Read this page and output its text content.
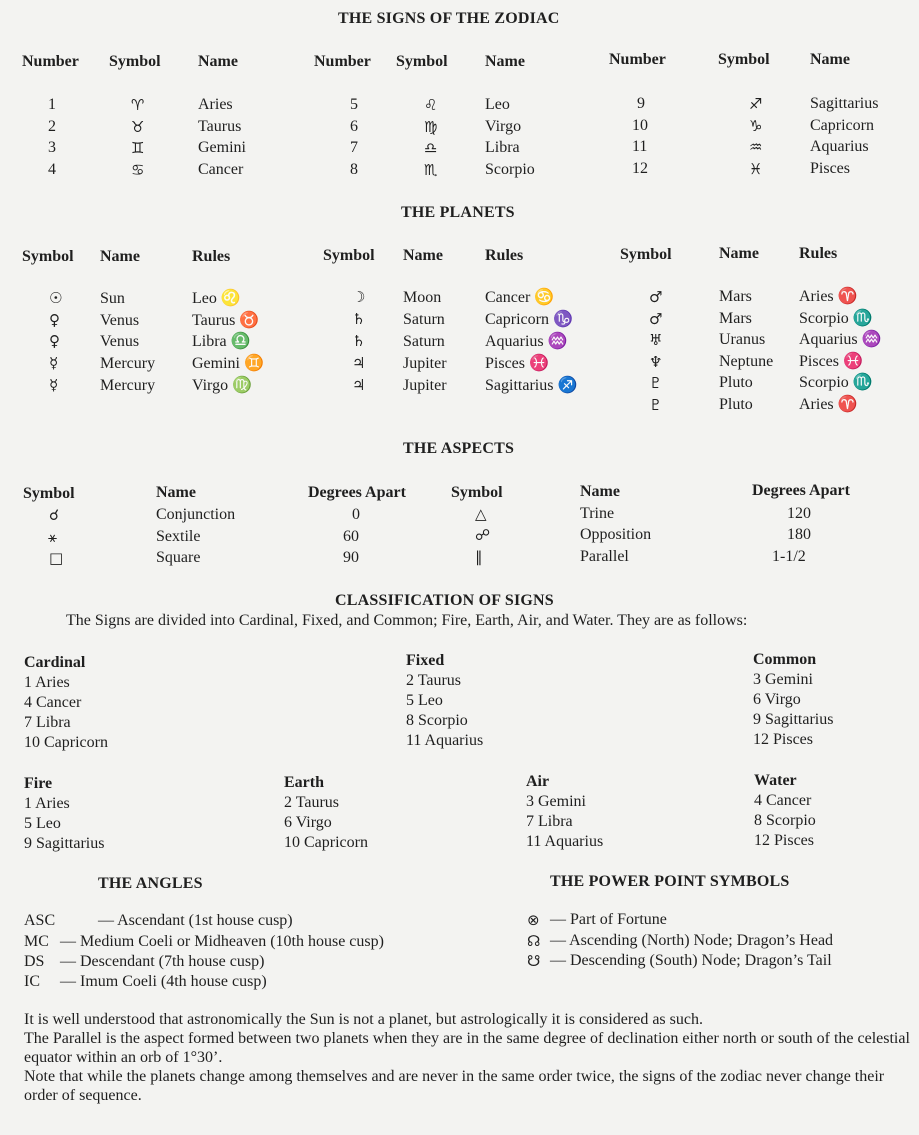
THE SIGNS OF THE ZODIAC
Number Symbol Name	Number Symbol Name	Number	Symbol	Name
1	♈	Aries
2	♉	Taurus
3	♊	Gemini
4	♋	Cancer
5	♌	Leo
6	♍	Virgo
7	♎	Libra
8	♏	Scorpio
9	♐	Sagittarius
10	♑	Capricorn
11	♒	Aquarius
12	♓	Pisces
THE PLANETS
Symbol Name	Rules	Symbol Name	Rules	Symbol	Name	Rules
☉ Sun	Leo ♌
♀	Venus	Taurus ♉
♀	Venus	Libra ♎
☿	Mercury Gemini ♊
☿	Mercury Virgo ♍
☽ Moon	Cancer ♋
♄ Saturn	Capricorn ♑
♄ Saturn	Aquarius ♒
♃ Jupiter Pisces ♓
♃ Jupiter Sagittarius ♐
♂	Mars	Aries ♈
♂	Mars	Scorpio ♏
♅	Uranus Aquarius ♒
♆	Neptune Pisces ♓
♇	Pluto	Scorpio ♏
♇	Pluto	Aries ♈
THE ASPECTS
Symbol	Name	Degrees Apart	Symbol	Name	Degrees Apart
☌	Conjunction	0
⚹	Sextile	60
□	Square	90
△	Trine	120
☍	Opposition	180
∥	Parallel	1-1/2
CLASSIFICATION OF SIGNS
The Signs are divided into Cardinal, Fixed, and Common; Fire, Earth, Air, and Water. They are as follows:
Cardinal
1 Aries
4 Cancer
7 Libra
10 Capricorn
Fixed
2 Taurus
5 Leo
8 Scorpio
11 Aquarius
Common
3 Gemini
6 Virgo
9 Sagittarius
12 Pisces
Fire
1 Aries
5 Leo
9 Sagittarius
Earth
2 Taurus
6 Virgo
10 Capricorn
Air
3 Gemini
7 Libra
11 Aquarius
Water
4 Cancer
8 Scorpio
12 Pisces
THE ANGLES
ASC	— Ascendant (1st house cusp)
MC — Medium Coeli or Midheaven (10th house cusp)
DS — Descendant (7th house cusp)
IC — Imum Coeli (4th house cusp)
THE POWER POINT SYMBOLS
⊗ — Part of Fortune
☊ — Ascending (North) Node; Dragon’s Head
☋ — Descending (South) Node; Dragon’s Tail
It is well understood that astronomically the Sun is not a planet, but astrologically it is considered as such.
The Parallel is the aspect formed between two planets when they are in the same degree of declination either north or south of the celestial equator within an orb of 1°30’.
Note that while the planets change among themselves and are never in the same order twice, the signs of the zodiac never change their order of sequence.
